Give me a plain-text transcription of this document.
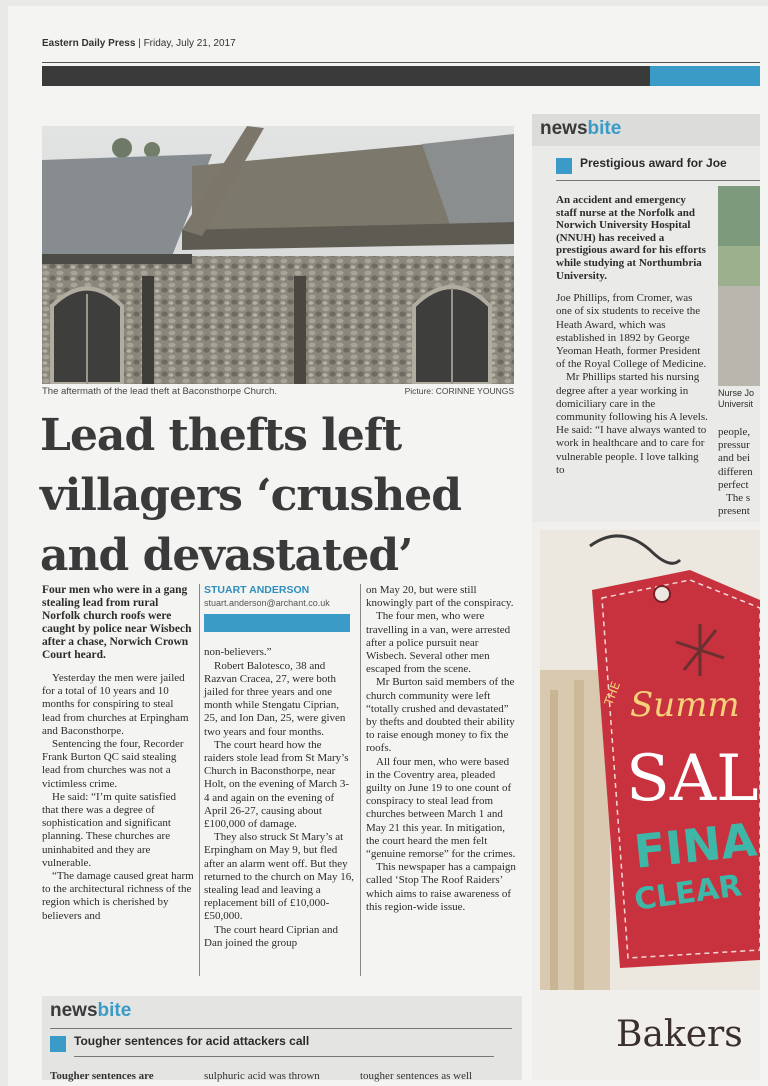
Eastern Daily Press | Friday, July 21, 2017
The aftermath of the lead theft at Baconsthorpe Church.	Picture: CORINNE YOUNGS
Lead thefts left
villagers ‘crushed
and devastated’

Four men who were in a gang stealing lead from rural Norfolk church roofs were caught by police near Wisbech after a chase, Norwich Crown Court heard.

Yesterday the men were jailed for a total of 10 years and 10 months for conspiring to steal lead from churches at Erpingham and Baconsthorpe.

Sentencing the four, Recorder Frank Burton QC said stealing lead from churches was not a victimless crime.

He said: “I’m quite satisfied that there was a degree of sophistication and significant planning. These churches are uninhabited and they are vulnerable.

“The damage caused great harm to the architectural richness of the region which is cherished by believers and

STUART ANDERSON
stuart.anderson@archant.co.uk

non-believers.”

Robert Balotesco, 38 and Razvan Cracea, 27, were both jailed for three years and one month while Stengatu Ciprian, 25, and Ion Dan, 25, were given two years and four months.

The court heard how the raiders stole lead from St Mary’s Church in Baconsthorpe, near Holt, on the evening of March 3-4 and again on the evening of April 26-27, causing about £100,000 of damage.

They also struck St Mary’s at Erpingham on May 9, but fled after an alarm went off. But they returned to the church on May 16, stealing lead and leaving a replacement bill of £10,000-£50,000.

The court heard Ciprian and Dan joined the group

on May 20, but were still knowingly part of the conspiracy.

The four men, who were travelling in a van, were arrested after a police pursuit near Wisbech. Several other men escaped from the scene.

Mr Burton said members of the church community were left “totally crushed and devastated” by thefts and doubted their ability to raise enough money to fix the roofs.

All four men, who were based in the Coventry area, pleaded guilty on June 19 to one count of conspiracy to steal lead from churches between March 1 and May 21 this year. In mitigation, the court heard the men felt “genuine remorse” for the crimes.

This newspaper has a campaign called ‘Stop The Roof Raiders’ which aims to raise awareness of this region-wide issue.

newsbite
Prestigious award for Joe

An accident and emergency staff nurse at the Norfolk and Norwich University Hospital (NNUH) has received a prestigious award for his efforts while studying at Northumbria University.

Joe Phillips, from Cromer, was one of six students to receive the Heath Award, which was established in 1892 by George Yeoman Heath, former President of the Royal College of Medicine.

Mr Phillips started his nursing degree after a year working in domiciliary care in the community following his A levels. He said: “I have always wanted to work in healthcare and to care for vulnerable people. I love talking to

Nurse Jo
Universit
people,
pressur
and bei
differen
perfect
The s
present
THE Summ
SAL
FINA
CLEAR
Bakers
newsbite
Tougher sentences for acid attackers call
Tougher sentences are	sulphuric acid was thrown	tougher sentences as well
